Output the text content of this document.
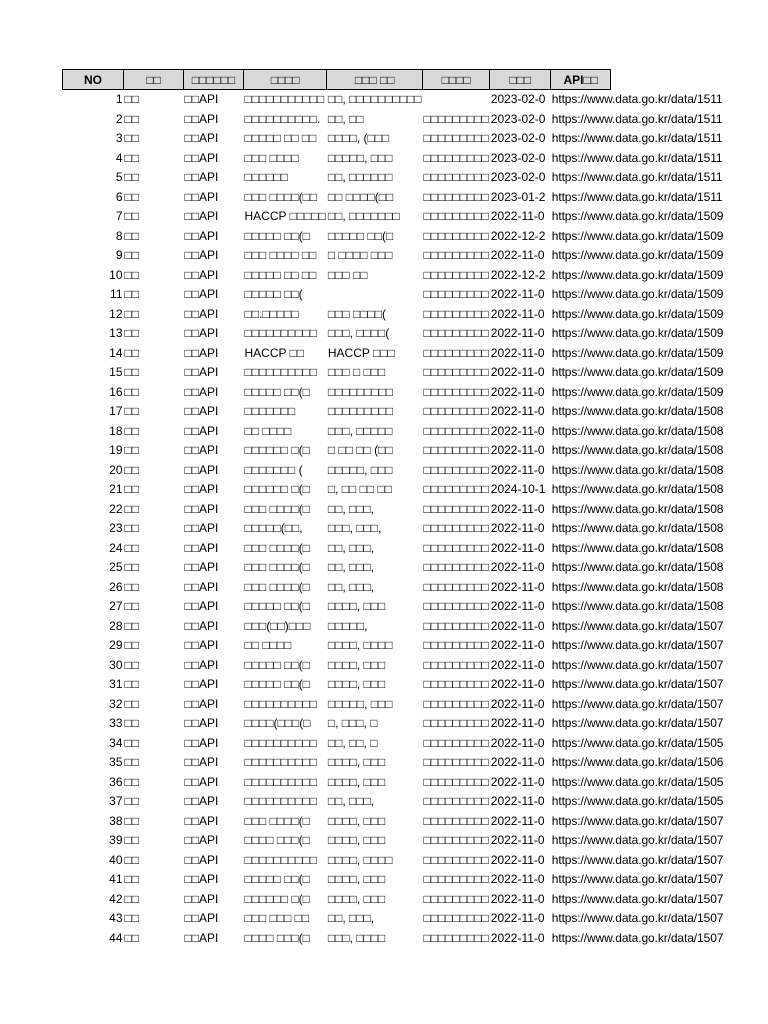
NO	□□	□□□□□□	□□□□	□□□ □□	□□□□	□□□	API□□	
1	□□	□□API	□□□□□□□□□□□	□□, □□□□□□□□□□		2023-02-0	https://www.data.go.kr/data/1511	
2	□□	□□API	□□□□□□□□□□.	□□, □□	□□□□□□□□□	2023-02-0	https://www.data.go.kr/data/1511	
3	□□	□□API	□□□□□ □□ □□	□□□□, (□□□	□□□□□□□□□	2023-02-0	https://www.data.go.kr/data/1511	
4	□□	□□API	□□□ □□□□	□□□□□, □□□	□□□□□□□□□	2023-02-0	https://www.data.go.kr/data/1511	
5	□□	□□API	□□□□□□	□□, □□□□□□	□□□□□□□□□	2023-02-0	https://www.data.go.kr/data/1511	
6	□□	□□API	□□□ □□□□(□□	□□ □□□□(□□	□□□□□□□□□	2023-01-2	https://www.data.go.kr/data/1511	
7	□□	□□API	HACCP □□□□□	□□, □□□□□□□	□□□□□□□□□	2022-11-0	https://www.data.go.kr/data/1509	
8	□□	□□API	□□□□□ □□(□	□□□□□ □□(□	□□□□□□□□□	2022-12-2	https://www.data.go.kr/data/1509	
9	□□	□□API	□□□ □□□□ □□	□ □□□□ □□□	□□□□□□□□□	2022-11-0	https://www.data.go.kr/data/1509	
10	□□	□□API	□□□□□ □□ □□	□□□ □□	□□□□□□□□□	2022-12-2	https://www.data.go.kr/data/1509	
11	□□	□□API	□□□□□ □□(		□□□□□□□□□	2022-11-0	https://www.data.go.kr/data/1509	
12	□□	□□API	□□.□□□□□	□□□ □□□□(	□□□□□□□□□	2022-11-0	https://www.data.go.kr/data/1509	
13	□□	□□API	□□□□□□□□□□	□□□, □□□□(	□□□□□□□□□	2022-11-0	https://www.data.go.kr/data/1509	
14	□□	□□API	HACCP □□	HACCP □□□	□□□□□□□□□	2022-11-0	https://www.data.go.kr/data/1509	
15	□□	□□API	□□□□□□□□□□	□□□ □ □□□	□□□□□□□□□	2022-11-0	https://www.data.go.kr/data/1509	
16	□□	□□API	□□□□□ □□(□	□□□□□□□□□	□□□□□□□□□	2022-11-0	https://www.data.go.kr/data/1509	
17	□□	□□API	□□□□□□□	□□□□□□□□□	□□□□□□□□□	2022-11-0	https://www.data.go.kr/data/1508	
18	□□	□□API	□□ □□□□	□□□, □□□□□	□□□□□□□□□	2022-11-0	https://www.data.go.kr/data/1508	
19	□□	□□API	□□□□□□ □(□	□ □□ □□ (□□	□□□□□□□□□	2022-11-0	https://www.data.go.kr/data/1508	
20	□□	□□API	□□□□□□□ (	□□□□□, □□□	□□□□□□□□□	2022-11-0	https://www.data.go.kr/data/1508	
21	□□	□□API	□□□□□□ □(□	□, □□ □□ □□	□□□□□□□□□	2024-10-1	https://www.data.go.kr/data/1508	
22	□□	□□API	□□□ □□□□(□	□□, □□□,	□□□□□□□□□	2022-11-0	https://www.data.go.kr/data/1508	
23	□□	□□API	□□□□□(□□,	□□□, □□□,	□□□□□□□□□	2022-11-0	https://www.data.go.kr/data/1508	
24	□□	□□API	□□□ □□□□(□	□□, □□□,	□□□□□□□□□	2022-11-0	https://www.data.go.kr/data/1508	
25	□□	□□API	□□□ □□□□(□	□□, □□□,	□□□□□□□□□	2022-11-0	https://www.data.go.kr/data/1508	
26	□□	□□API	□□□ □□□□(□	□□, □□□,	□□□□□□□□□	2022-11-0	https://www.data.go.kr/data/1508	
27	□□	□□API	□□□□□ □□(□	□□□□, □□□	□□□□□□□□□	2022-11-0	https://www.data.go.kr/data/1508	
28	□□	□□API	□□□(□□)□□□	□□□□□,	□□□□□□□□□	2022-11-0	https://www.data.go.kr/data/1507	
29	□□	□□API	□□ □□□□	□□□□, □□□□	□□□□□□□□□	2022-11-0	https://www.data.go.kr/data/1507	
30	□□	□□API	□□□□□ □□(□	□□□□, □□□	□□□□□□□□□	2022-11-0	https://www.data.go.kr/data/1507	
31	□□	□□API	□□□□□ □□(□	□□□□, □□□	□□□□□□□□□	2022-11-0	https://www.data.go.kr/data/1507	
32	□□	□□API	□□□□□□□□□□	□□□□□, □□□	□□□□□□□□□	2022-11-0	https://www.data.go.kr/data/1507	
33	□□	□□API	□□□□(□□□(□	□, □□□, □	□□□□□□□□□	2022-11-0	https://www.data.go.kr/data/1507	
34	□□	□□API	□□□□□□□□□□	□□, □□, □	□□□□□□□□□	2022-11-0	https://www.data.go.kr/data/1505	
35	□□	□□API	□□□□□□□□□□	□□□□, □□□	□□□□□□□□□	2022-11-0	https://www.data.go.kr/data/1506	
36	□□	□□API	□□□□□□□□□□	□□□□, □□□	□□□□□□□□□	2022-11-0	https://www.data.go.kr/data/1505	
37	□□	□□API	□□□□□□□□□□	□□, □□□,	□□□□□□□□□	2022-11-0	https://www.data.go.kr/data/1505	
38	□□	□□API	□□□ □□□□(□	□□□□, □□□	□□□□□□□□□	2022-11-0	https://www.data.go.kr/data/1507	
39	□□	□□API	□□□□ □□□(□	□□□□, □□□	□□□□□□□□□	2022-11-0	https://www.data.go.kr/data/1507	
40	□□	□□API	□□□□□□□□□□	□□□□, □□□□	□□□□□□□□□	2022-11-0	https://www.data.go.kr/data/1507	
41	□□	□□API	□□□□□ □□(□	□□□□, □□□	□□□□□□□□□	2022-11-0	https://www.data.go.kr/data/1507	
42	□□	□□API	□□□□□□ □(□	□□□□, □□□	□□□□□□□□□	2022-11-0	https://www.data.go.kr/data/1507	
43	□□	□□API	□□□ □□□ □□	□□, □□□,	□□□□□□□□□	2022-11-0	https://www.data.go.kr/data/1507	
44	□□	□□API	□□□□ □□□(□	□□□, □□□□	□□□□□□□□□	2022-11-0	https://www.data.go.kr/data/1507	
